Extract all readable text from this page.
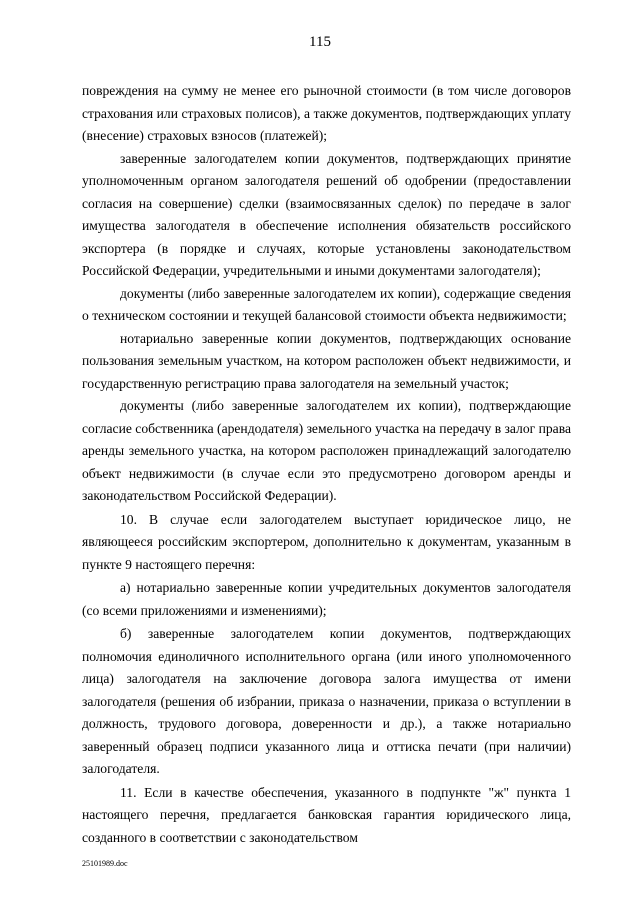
115

повреждения на сумму не менее его рыночной стоимости (в том числе договоров страхования или страховых полисов), а также документов, подтверждающих уплату (внесение) страховых взносов (платежей);

заверенные залогодателем копии документов, подтверждающих принятие уполномоченным органом залогодателя решений об одобрении (предоставлении согласия на совершение) сделки (взаимосвязанных сделок) по передаче в залог имущества залогодателя в обеспечение исполнения обязательств российского экспортера (в порядке и случаях, которые установлены законодательством Российской Федерации, учредительными и иными документами залогодателя);

документы (либо заверенные залогодателем их копии), содержащие сведения о техническом состоянии и текущей балансовой стоимости объекта недвижимости;

нотариально заверенные копии документов, подтверждающих основание пользования земельным участком, на котором расположен объект недвижимости, и государственную регистрацию права залогодателя на земельный участок;

документы (либо заверенные залогодателем их копии), подтверждающие согласие собственника (арендодателя) земельного участка на передачу в залог права аренды земельного участка, на котором расположен принадлежащий залогодателю объект недвижимости (в случае если это предусмотрено договором аренды и законодательством Российской Федерации).

10. В случае если залогодателем выступает юридическое лицо, не являющееся российским экспортером, дополнительно к документам, указанным в пункте 9 настоящего перечня:

а) нотариально заверенные копии учредительных документов залогодателя (со всеми приложениями и изменениями);

б) заверенные залогодателем копии документов, подтверждающих полномочия единоличного исполнительного органа (или иного уполномоченного лица) залогодателя на заключение договора залога имущества от имени залогодателя (решения об избрании, приказа о назначении, приказа о вступлении в должность, трудового договора, доверенности и др.), а также нотариально заверенный образец подписи указанного лица и оттиска печати (при наличии) залогодателя.

11. Если в качестве обеспечения, указанного в подпункте "ж" пункта 1 настоящего перечня, предлагается банковская гарантия юридического лица, созданного в соответствии с законодательством

25101989.doc
